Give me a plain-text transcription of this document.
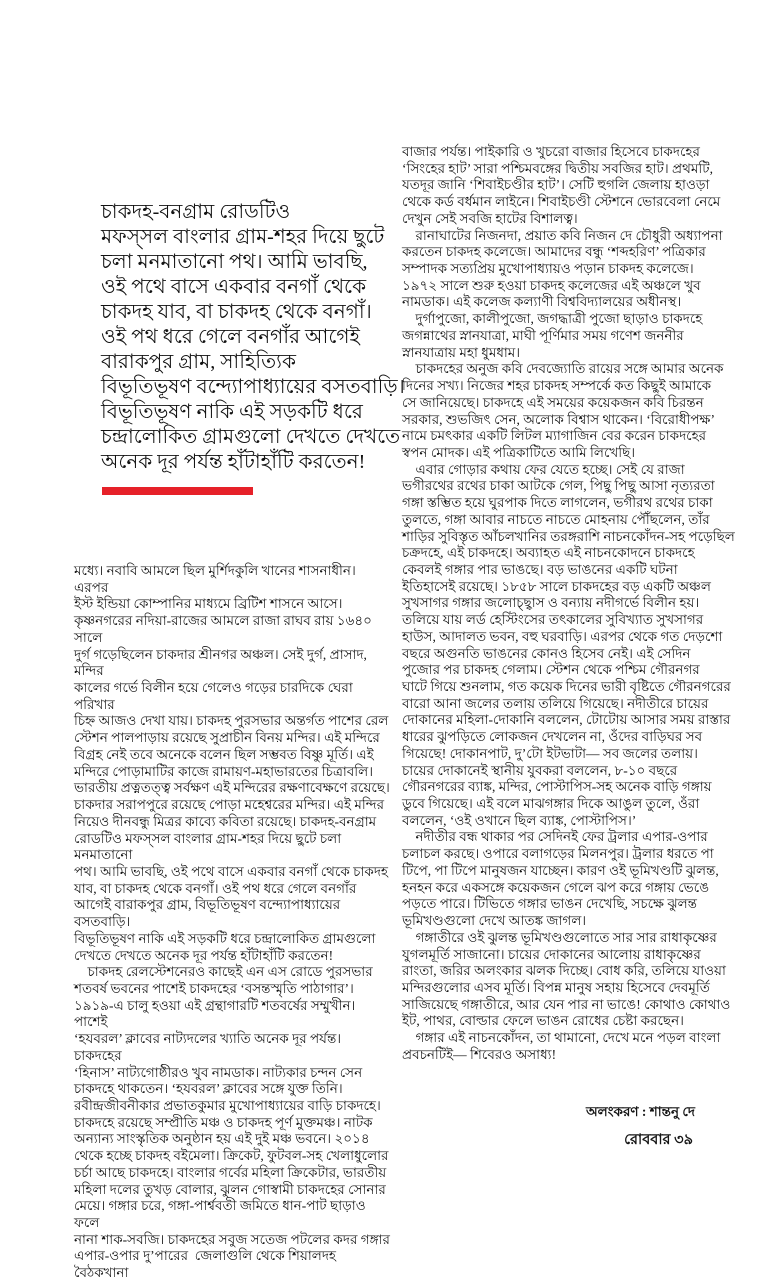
চাকদহ-বনগ্রাম রোডটিও
মফস্সল বাংলার গ্রাম-শহর দিয়ে ছুটে
চলা মনমাতানো পথ। আমি ভাবছি,
ওই পথে বাসে একবার বনগাঁ থেকে
চাকদহ যাব, বা চাকদহ থেকে বনগাঁ।
ওই পথ ধরে গেলে বনগাঁর আগেই
বারাকপুর গ্রাম, সাহিত্যিক
বিভূতিভূষণ বন্দ্যোপাধ্যায়ের বসতবাড়ি।
বিভূতিভূষণ নাকি এই সড়কটি ধরে
চন্দ্রালোকিত গ্রামগুলো দেখতে দেখতে
অনেক দূর পর্যন্ত হাঁটাহাঁটি করতেন!
মধ্যে। নবাবি আমলে ছিল মুর্শিদকুলি খানের শাসনাধীন। এরপর
ইস্ট ইন্ডিয়া কোম্পানির মাধ্যমে ব্রিটিশ শাসনে আসে।
কৃষ্ণনগরের নদিয়া-রাজের আমলে রাজা রাঘব রায় ১৬৪০ সালে
দুর্গ গড়েছিলেন চাকদার শ্রীনগর অঞ্চল। সেই দুর্গ, প্রাসাদ, মন্দির
কালের গর্ভে বিলীন হয়ে গেলেও গড়ের চারদিকে ঘেরা পরিখার
চিহ্ন আজও দেখা যায়। চাকদহ পুরসভার অন্তর্গত পাশের রেল
স্টেশন পালপাড়ায় রয়েছে সুপ্রাচীন বিনয় মন্দির। এই মন্দিরে
বিগ্রহ নেই তবে অনেকে বলেন ছিল সম্ভবত বিষ্ণু মূর্তি। এই
মন্দিরে পোড়ামাটির কাজে রামায়ণ-মহাভারতের চিত্রাবলি।
ভারতীয় প্রত্নতত্ত্ব সর্বক্ষণ এই মন্দিরের রক্ষণাবেক্ষণে রয়েছে।
চাকদার সরাপপুরে রয়েছে পোড়া মহেশ্বরের মন্দির। এই মন্দির
নিয়েও দীনবন্ধু মিত্রর কাব্যে কবিতা রয়েছে। চাকদহ-বনগ্রাম
রোডটিও মফস্সল বাংলার গ্রাম-শহর দিয়ে ছুটে চলা মনমাতানো
পথ। আমি ভাবছি, ওই পথে বাসে একবার বনগাঁ থেকে চাকদহ
যাব, বা চাকদহ থেকে বনগাঁ। ওই পথ ধরে গেলে বনগাঁর
আগেই বারাকপুর গ্রাম, বিভূতিভূষণ বন্দ্যোপাধ্যায়ের বসতবাড়ি।
বিভূতিভূষণ নাকি এই সড়কটি ধরে চন্দ্রালোকিত গ্রামগুলো
দেখতে দেখতে অনেক দূর পর্যন্ত হাঁটাহাঁটি করতেন!
চাকদহ রেলস্টেশনেরও কাছেই এন এস রোডে পুরসভার
শতবর্ষ ভবনের পাশেই চাকদহের ‘বসন্তস্মৃতি পাঠাগার’।
১৯১৯-এ চালু হওয়া এই গ্রন্থাগারটি শতবর্ষের সম্মুখীন। পাশেই
‘হযবরল’ ক্লাবের নাট্যদলের খ্যাতি অনেক দূর পর্যন্ত। চাকদহের
‘হিনাস’ নাট্যগোষ্ঠীরও খুব নামডাক। নাট্যকার চন্দন সেন
চাকদহে থাকতেন। ‘হযবরল’ ক্লাবের সঙ্গে যুক্ত তিনি।
রবীন্দ্রজীবনীকার প্রভাতকুমার মুখোপাধ্যায়ের বাড়ি চাকদহে।
চাকদহে রয়েছে সম্প্রীতি মঞ্চ ও চাকদহ পূর্ণ মুক্তমঞ্চ। নাটক
অন্যান্য সাংস্কৃতিক অনুষ্ঠান হয় এই দুই মঞ্চ ভবনে। ২০১৪
থেকে হচ্ছে চাকদহ বইমেলা। ক্রিকেট, ফুটবল-সহ খেলাধুলোর
চর্চা আছে চাকদহে। বাংলার গর্বের মহিলা ক্রিকেটার, ভারতীয়
মহিলা দলের তুখড় বোলার, ঝুলন গোস্বামী চাকদহের সোনার
মেয়ে। গঙ্গার চরে, গঙ্গা-পার্শ্ববতী জমিতে ধান-পাট ছাড়াও ফলে
নানা শাক-সবজি। চাকদহের সবুজ সতেজ পটলের কদর গঙ্গার
এপার-ওপার দু’পারের  জেলাগুলি থেকে শিয়ালদহ বৈঠকখানা
বাজার পর্যন্ত। পাইকারি ও খুচরো বাজার হিসেবে চাকদহের
‘সিংহের হাট’ সারা পশ্চিমবঙ্গের দ্বিতীয় সবজির হাট। প্রথমটি,
যতদূর জানি ‘শিবাইচণ্ডীর হাট’। সেটি হুগলি জেলায় হাওড়া
থেকে কর্ড বর্ধমান লাইনে। শিবাইচণ্ডী স্টেশনে ভোরবেলা নেমে
দেখুন সেই সবজি হাটের বিশালত্ব।
রানাঘাটের নিজনদা, প্রয়াত কবি নিজন দে চৌধুরী অধ্যাপনা
করতেন চাকদহ কলেজে। আমাদের বন্ধু ‘শব্দহরিণ’ পত্রিকার
সম্পাদক সত্যপ্রিয় মুখোপাধ্যায়ও পড়ান চাকদহ কলেজে।
১৯৭২ সালে শুরু হওয়া চাকদহ কলেজের এই অঞ্চলে খুব
নামডাক। এই কলেজ কল্যাণী বিশ্ববিদ্যালয়ের অধীনস্থ।
দুর্গাপুজো, কালীপুজো, জগদ্ধাত্রী পুজো ছাড়াও চাকদহে
জগন্নাথের স্নানযাত্রা, মাঘী পূর্ণিমার সময় গণেশ জননীর
স্নানযাত্রায় মহা ধুমধাম।
চাকদহের অনুজ কবি দেবজ্যোতি রায়ের সঙ্গে আমার অনেক
দিনের সখ্য। নিজের শহর চাকদহ সম্পর্কে কত কিছুই আমাকে
সে জানিয়েছে। চাকদহে এই সময়ের কয়েকজন কবি চিরন্তন
সরকার, শুভজিৎ সেন, অলোক বিশ্বাস থাকেন। ‘বিরোধীপক্ষ’
নামে চমৎকার একটি লিটল ম্যাগাজিন বের করেন চাকদহের
স্বপন মোদক। এই পত্রিকাটিতে আমি লিখেছি।
এবার গোড়ার কথায় ফের যেতে হচ্ছে। সেই যে রাজা
ভগীরথের রথের চাকা আটকে গেল, পিছু পিছু আসা নৃত্যরতা
গঙ্গা স্তম্ভিত হয়ে ঘুরপাক দিতে লাগলেন, ভগীরথ রথের চাকা
তুলতে, গঙ্গা আবার নাচতে নাচতে মোহনায় পৌঁছলেন, তাঁর
শাড়ির সুবিস্তৃত আঁচলখানির তরঙ্গরাশি নাচনকোঁদন-সহ পড়েছিল
চক্রদহে, এই চাকদহে। অব্যাহত এই নাচনকোদনে চাকদহে
কেবলই গঙ্গার পার ভাঙছে। বড় ভাঙনের একটি ঘটনা
ইতিহাসেই রয়েছে। ১৮৫৮ সালে চাকদহের বড় একটি অঞ্চল
সুখসাগর গঙ্গার জলোচ্ছ্বাস ও বন্যায় নদীগর্ভে বিলীন হয়।
তলিয়ে যায় লর্ড হেস্টিংসের তৎকালের সুবিখ্যাত সুখসাগর
হাউস, আদালত ভবন, বহু ঘরবাড়ি। এরপর থেকে গত দেড়শো
বছরে অগুনতি ভাঙনের কোনও হিসেব নেই। এই সেদিন
পুজোর পর চাকদহ গেলাম। স্টেশন থেকে পশ্চিম গৌরনগর
ঘাটে গিয়ে শুনলাম, গত কয়েক দিনের ভারী বৃষ্টিতে গৌরনগরের
বারো আনা জলের তলায় তলিয়ে গিয়েছে। নদীতীরে চায়ের
দোকানের মহিলা-দোকানি বললেন, টোটোয় আসার সময় রাস্তার
ধারের ঝুপড়িতে লোকজন দেখলেন না, ওঁদের বাড়িঘর সব
গিয়েছে! দোকানপাট, দু’টো ইটভাটা— সব জলের তলায়।
চায়ের দোকানেই স্থানীয় যুবকরা বললেন, ৮-১০ বছরে
গৌরনগরের ব্যাঙ্ক, মন্দির, পোস্টাপিস-সহ অনেক বাড়ি গঙ্গায়
ডুবে গিয়েছে। এই বলে মাঝগঙ্গার দিকে আঙুল তুলে, ওঁরা
বললেন, ‘ওই ওখানে ছিল ব্যাঙ্ক, পোস্টাপিস।’
নদীতীর বন্ধ থাকার পর সেদিনই ফের ট্রলার এপার-ওপার
চলাচল করছে। ওপারে বলাগড়ের মিলনপুর। ট্রলার ধরতে পা
টিপে, পা টিপে মানুষজন যাচ্ছেন। কারণ ওই ভূমিখণ্ডটি ঝুলন্ত,
হনহন করে একসঙ্গে কয়েকজন গেলে ঝপ করে গঙ্গায় ভেঙে
পড়তে পারে। টিভিতে গঙ্গার ভাঙন দেখেছি, সচক্ষে ঝুলন্ত
ভূমিখণ্ডগুলো দেখে আতঙ্ক জাগল।
গঙ্গাতীরে ওই ঝুলন্ত ভূমিখণ্ডগুলোতে সার সার রাধাকৃষ্ণের
যুগলমূর্তি সাজানো। চায়ের দোকানের আলোয় রাধাকৃষ্ণের
রাংতা, জরির অলংকার ঝলক দিচ্ছে। বোধ করি, তলিয়ে যাওয়া
মন্দিরগুলোর এসব মূর্তি। বিপন্ন মানুষ সহায় হিসেবে দেবমূর্তি
সাজিয়েছে গঙ্গাতীরে, আর যেন পার না ভাঙে! কোথাও কোথাও
ইট, পাথর, বোল্ডার ফেলে ভাঙন রোধের চেষ্টা করছেন।
গঙ্গার এই নাচনকোঁদন, তা থামানো, দেখে মনে পড়ল বাংলা
প্রবচনটিই— শিবেরও অসাধ্য!
অলংকরণ : শান্তনু দে
রোববার ৩৯
